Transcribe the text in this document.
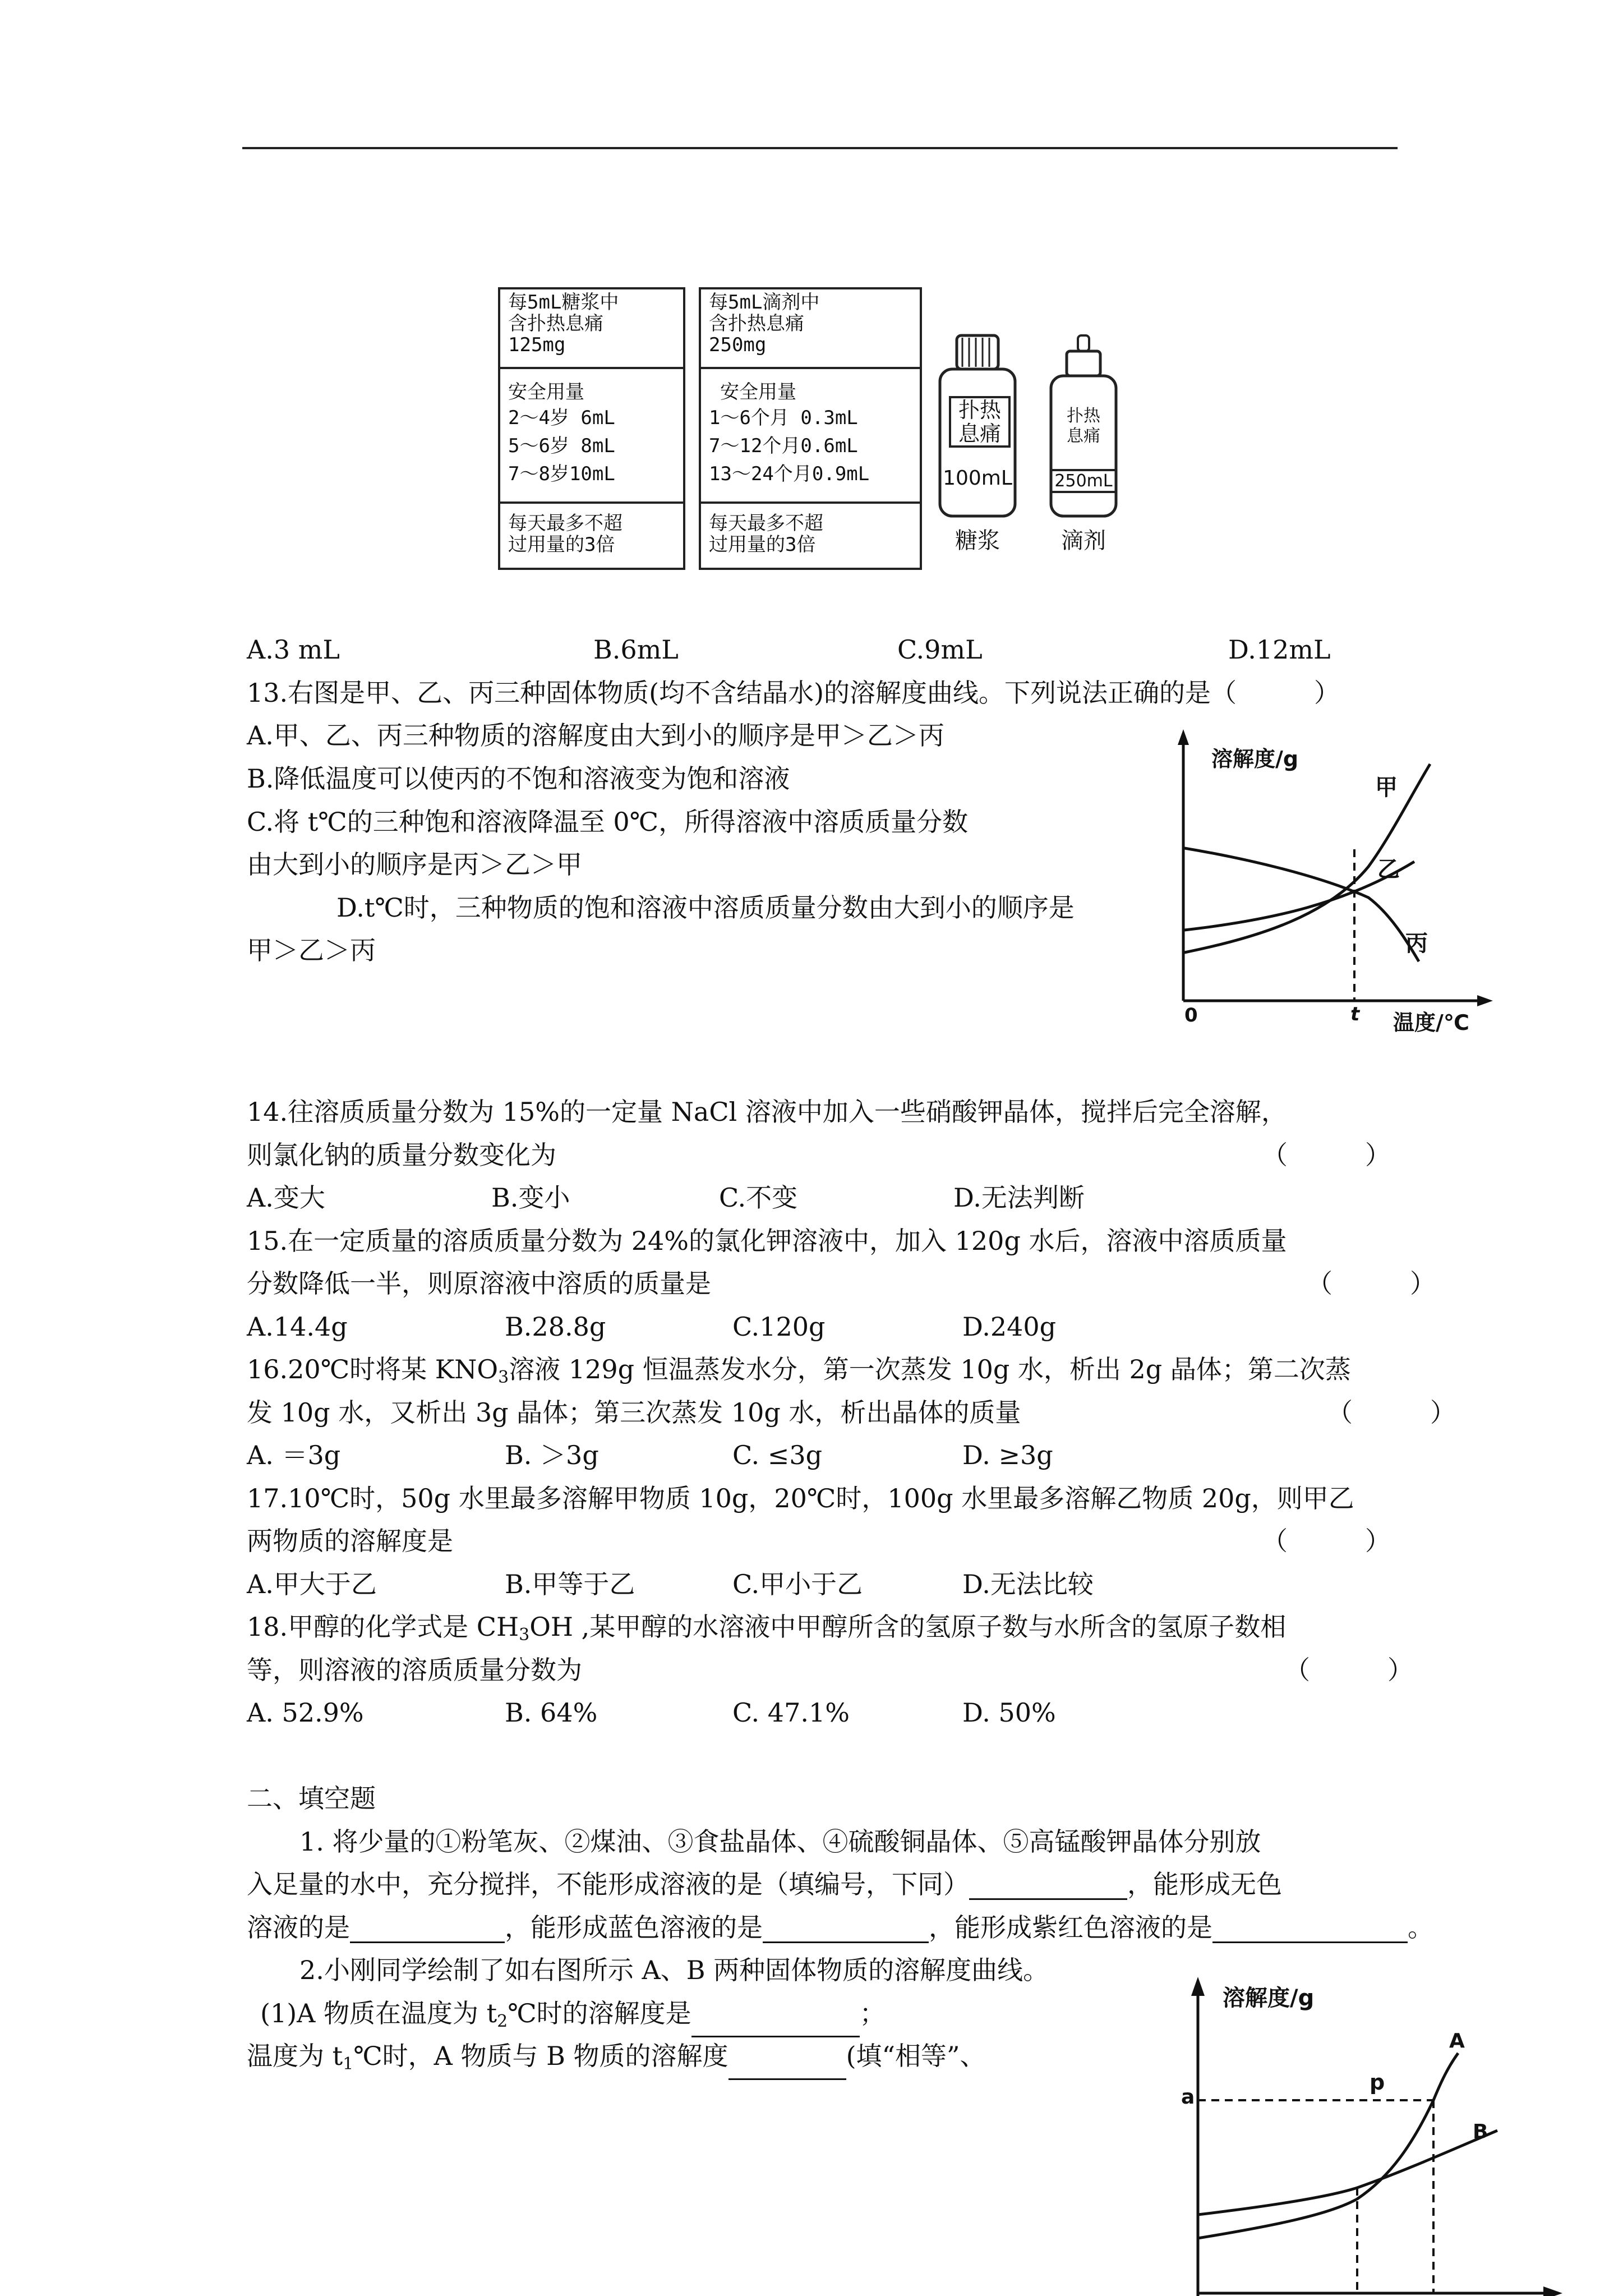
每5mL糖浆中
含扑热息痛
125mg
安全用量
2～4岁 6mL
5～6岁 8mL
7～8岁10mL
每天最多不超
过用量的3倍
每5mL滴剂中
含扑热息痛
250mg
安全用量
1～6个月 0.3mL
7～12个月0.6mL
13～24个月0.9mL
每天最多不超
过用量的3倍
扑热
息痛
100mL
糖浆
扑热
息痛
250mL
滴剂
A.3 mL	B.6mL	C.9mL	D.12mL
13.右图是甲、乙、丙三种固体物质(均不含结晶水)的溶解度曲线。下列说法正确的是（　　　）
A.甲、乙、丙三种物质的溶解度由大到小的顺序是甲＞乙＞丙
B.降低温度可以使丙的不饱和溶液变为饱和溶液
C.将 t℃的三种饱和溶液降温至 0℃，所得溶液中溶质质量分数
由大到小的顺序是丙＞乙＞甲
D.t℃时，三种物质的饱和溶液中溶质质量分数由大到小的顺序是
甲＞乙＞丙
溶解度/g
甲
乙
丙
0	t 温度/℃
14.往溶质质量分数为 15%的一定量 NaCl 溶液中加入一些硝酸钾晶体，搅拌后完全溶解，
则氯化钠的质量分数变化为	（　　　）
A.变大	B.变小	C.不变	D.无法判断
15.在一定质量的溶质质量分数为 24%的氯化钾溶液中，加入 120g 水后，溶液中溶质质量
分数降低一半，则原溶液中溶质的质量是	（　　　）
A.14.4g	B.28.8g	C.120g	D.240g
16.20℃时将某 $KNO_3$溶液 129g 恒温蒸发水分，第一次蒸发 10g 水，析出 2g 晶体；第二次蒸
发 10g 水，又析出 3g 晶体；第三次蒸发 10g 水，析出晶体的质量	（　　　）
A. ＝3g	B. ＞3g	C. ≤3g	D. ≥3g
17.10℃时，50g 水里最多溶解甲物质 10g，20℃时，100g 水里最多溶解乙物质 20g，则甲乙
两物质的溶解度是	（　　　）
A.甲大于乙	B.甲等于乙	C.甲小于乙	D.无法比较
18.甲醇的化学式是 $CH_3OH$ ,某甲醇的水溶液中甲醇所含的氢原子数与水所含的氢原子数相
等，则溶液的溶质质量分数为	（　　　）
A. 52.9%	B. 64%	C. 47.1%	D. 50%
二、填空题
1. 将少量的①粉笔灰、②煤油、③食盐晶体、④硫酸铜晶体、⑤高锰酸钾晶体分别放
入足量的水中，充分搅拌，不能形成溶液的是（填编号，下同）	，能形成无色
溶液的是	，能形成蓝色溶液的是	，能形成紫红色溶液的是	。
2.小刚同学绘制了如右图所示 A、B 两种固体物质的溶解度曲线。
(1)A 物质在温度为 $t_2℃$时的溶解度是	；
温度为 $t_1℃$时，A 物质与 B 物质的溶解度	(填“相等”、
溶解度/g
a
p
A
B
